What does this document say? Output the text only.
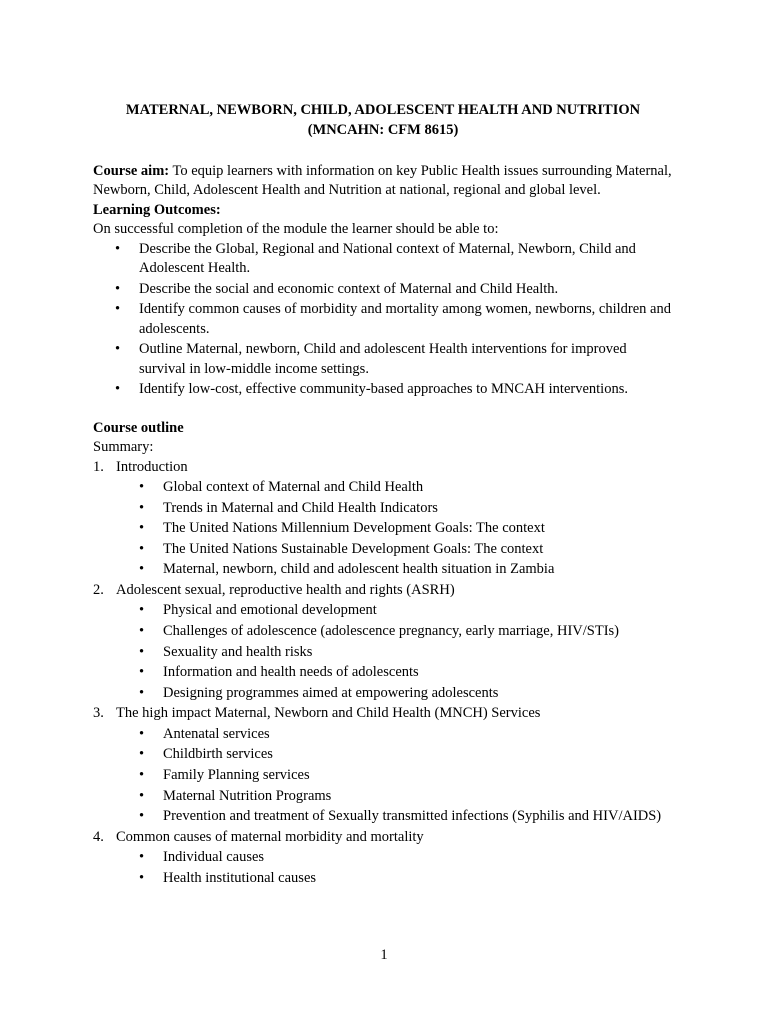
MATERNAL, NEWBORN, CHILD, ADOLESCENT HEALTH AND NUTRITION

(MNCAHN: CFM 8615)

Course aim: To equip learners with information on key Public Health issues surrounding Maternal, Newborn, Child, Adolescent Health and Nutrition at national, regional and global level.

Learning Outcomes:

On successful completion of the module the learner should be able to:

• Describe the Global, Regional and National context of Maternal, Newborn, Child and Adolescent Health.
• Describe the social and economic context of Maternal and Child Health.
• Identify common causes of morbidity and mortality among women, newborns, children and adolescents.
• Outline Maternal, newborn, Child and adolescent Health interventions for improved survival in low-middle income settings.
• Identify low-cost, effective community-based approaches to MNCAH interventions.

Course outline

Summary:

1. Introduction
• Global context of Maternal and Child Health
• Trends in Maternal and Child Health Indicators
• The United Nations Millennium Development Goals: The context
• The United Nations Sustainable Development Goals: The context
• Maternal, newborn, child and adolescent health situation in Zambia
2. Adolescent sexual, reproductive health and rights (ASRH)
• Physical and emotional development
• Challenges of adolescence (adolescence pregnancy, early marriage, HIV/STIs)
• Sexuality and health risks
• Information and health needs of adolescents
• Designing programmes aimed at empowering adolescents
3. The high impact Maternal, Newborn and Child Health (MNCH) Services
• Antenatal services
• Childbirth services
• Family Planning services
• Maternal Nutrition Programs
• Prevention and treatment of Sexually transmitted infections (Syphilis and HIV/AIDS)
4. Common causes of maternal morbidity and mortality
• Individual causes
• Health institutional causes
1
